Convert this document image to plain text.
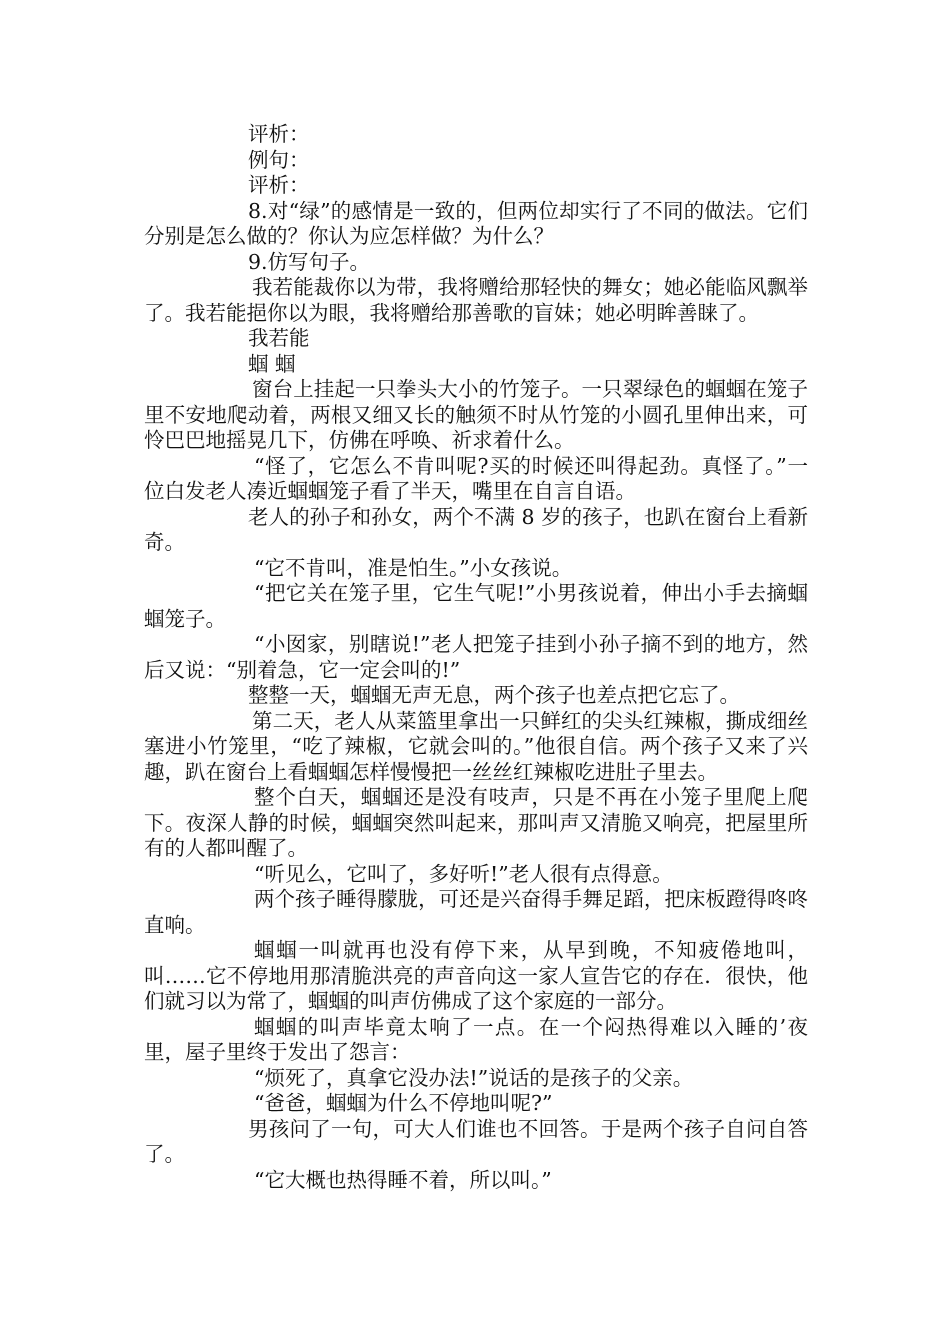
评析：

例句：

评析：

8.对“绿”的感情是一致的，但两位却实行了不同的做法。它们分别是怎么做的？你认为应怎样做？为什么？

9.仿写句子。

我若能裁你以为带，我将赠给那轻快的舞女；她必能临风飘举了。我若能挹你以为眼，我将赠给那善歌的盲妹；她必明眸善睐了。

我若能

蝈 蝈

窗台上挂起一只拳头大小的竹笼子。一只翠绿色的蝈蝈在笼子里不安地爬动着，两根又细又长的触须不时从竹笼的小圆孔里伸出来，可怜巴巴地摇晃几下，仿佛在呼唤、祈求着什么。

“怪了，它怎么不肯叫呢?买的时候还叫得起劲。真怪了。”一位白发老人凑近蝈蝈笼子看了半天，嘴里在自言自语。

老人的孙子和孙女，两个不满 8 岁的孩子，也趴在窗台上看新奇。

“它不肯叫，准是怕生。”小女孩说。

“把它关在笼子里，它生气呢!”小男孩说着，伸出小手去摘蝈蝈笼子。

“小囡家，别瞎说!”老人把笼子挂到小孙子摘不到的地方，然后又说：“别着急，它一定会叫的!”

整整一天，蝈蝈无声无息，两个孩子也差点把它忘了。

第二天，老人从菜篮里拿出一只鲜红的尖头红辣椒，撕成细丝塞进小竹笼里，“吃了辣椒，它就会叫的。”他很自信。两个孩子又来了兴趣，趴在窗台上看蝈蝈怎样慢慢把一丝丝红辣椒吃进肚子里去。

整个白天，蝈蝈还是没有吱声，只是不再在小笼子里爬上爬下。夜深人静的时候，蝈蝈突然叫起来，那叫声又清脆又响亮，把屋里所有的人都叫醒了。

“听见么，它叫了，多好听!”老人很有点得意。

两个孩子睡得朦胧，可还是兴奋得手舞足蹈，把床板蹬得咚咚直响。

蝈蝈一叫就再也没有停下来，从早到晚，不知疲倦地叫，叫……它不停地用那清脆洪亮的声音向这一家人宣告它的存在．很快，他们就习以为常了，蝈蝈的叫声仿佛成了这个家庭的一部分。

蝈蝈的叫声毕竟太响了一点。在一个闷热得难以入睡的’夜里，屋子里终于发出了怨言：

“烦死了，真拿它没办法!”说话的是孩子的父亲。

“爸爸，蝈蝈为什么不停地叫呢?”

男孩问了一句，可大人们谁也不回答。于是两个孩子自问自答了。

“它大概也热得睡不着，所以叫。”
